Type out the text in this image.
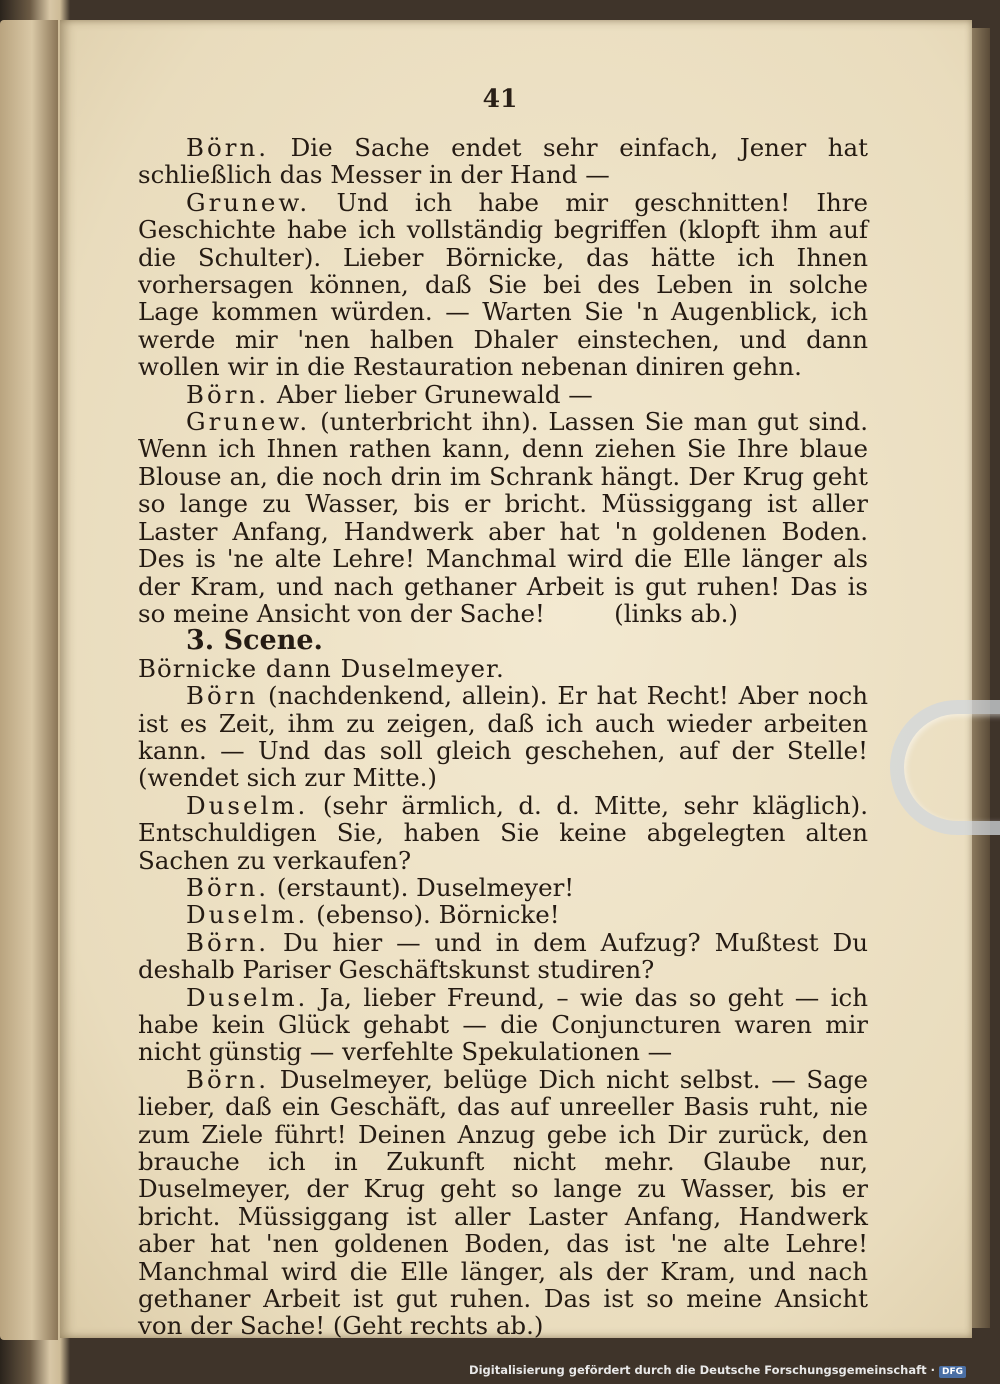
41

Börn. Die Sache endet sehr einfach, Jener hat schließlich das Messer in der Hand —

Grunew. Und ich habe mir geschnitten! Ihre Geschichte habe ich vollständig begriffen (klopft ihm auf die Schulter). Lieber Börnicke, das hätte ich Ihnen vorhersagen können, daß Sie bei des Leben in solche Lage kommen würden. — Warten Sie 'n Augenblick, ich werde mir 'nen halben Dhaler einstechen, und dann wollen wir in die Restauration nebenan diniren gehn.

Börn. Aber lieber Grunewald —

Grunew. (unterbricht ihn). Lassen Sie man gut sind. Wenn ich Ihnen rathen kann, denn ziehen Sie Ihre blaue Blouse an, die noch drin im Schrank hängt. Der Krug geht so lange zu Wasser, bis er bricht. Müssiggang ist aller Laster Anfang, Handwerk aber hat 'n goldenen Boden. Des is 'ne alte Lehre! Manchmal wird die Elle länger als der Kram, und nach gethaner Arbeit is gut ruhen! Das is so meine Ansicht von der Sache!	(links ab.)

3. Scene.

Börnicke dann Duselmeyer.

Börn (nachdenkend, allein). Er hat Recht! Aber noch ist es Zeit, ihm zu zeigen, daß ich auch wieder arbeiten kann. — Und das soll gleich geschehen, auf der Stelle! (wendet sich zur Mitte.)

Duselm. (sehr ärmlich, d. d. Mitte, sehr kläglich). Entschuldigen Sie, haben Sie keine abgelegten alten Sachen zu verkaufen?

Börn. (erstaunt). Duselmeyer!

Duselm. (ebenso). Börnicke!

Börn. Du hier — und in dem Aufzug? Mußtest Du deshalb Pariser Geschäftskunst studiren?

Duselm. Ja, lieber Freund, – wie das so geht — ich habe kein Glück gehabt — die Conjuncturen waren mir nicht günstig — verfehlte Spekulationen —

Börn. Duselmeyer, belüge Dich nicht selbst. — Sage lieber, daß ein Geschäft, das auf unreeller Basis ruht, nie zum Ziele führt! Deinen Anzug gebe ich Dir zurück, den brauche ich in Zukunft nicht mehr. Glaube nur, Duselmeyer, der Krug geht so lange zu Wasser, bis er bricht. Müssiggang ist aller Laster Anfang, Handwerk aber hat 'nen goldenen Boden, das ist 'ne alte Lehre! Manchmal wird die Elle länger, als der Kram, und nach gethaner Arbeit ist gut ruhen. Das ist so meine Ansicht von der Sache! (Geht rechts ab.)

Digitalisierung gefördert durch die Deutsche Forschungsgemeinschaft · DFG
